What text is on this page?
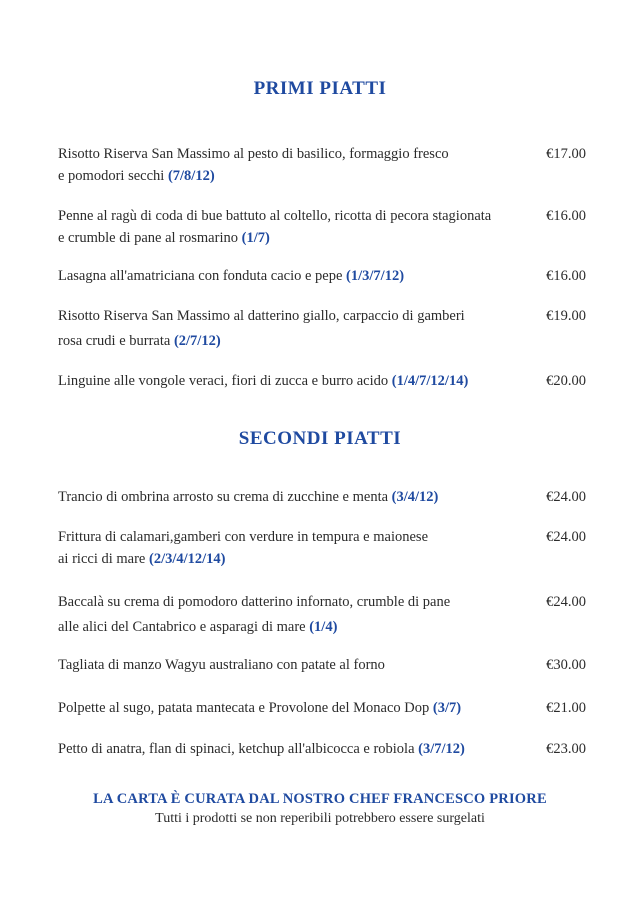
PRIMI PIATTI
Risotto Riserva San Massimo al pesto di basilico, formaggio fresco
e pomodori secchi (7/8/12)
€17.00
Penne al ragù di coda di bue battuto al coltello, ricotta di pecora stagionata
e crumble di pane al rosmarino (1/7)
€16.00
Lasagna all'amatriciana con fonduta cacio e pepe (1/3/7/12)	€16.00
Risotto Riserva San Massimo al datterino giallo, carpaccio di gamberi
rosa crudi e burrata (2/7/12)
€19.00
Linguine alle vongole veraci, fiori di zucca e burro acido (1/4/7/12/14)	€20.00
SECONDI PIATTI
Trancio di ombrina arrosto su crema di zucchine e menta (3/4/12)	€24.00
Frittura di calamari,gamberi con verdure in tempura e maionese
ai ricci di mare (2/3/4/12/14)
€24.00
Baccalà su crema di pomodoro datterino infornato, crumble di pane
alle alici del Cantabrico e asparagi di mare (1/4)
€24.00
Tagliata di manzo Wagyu australiano con patate al forno	€30.00
Polpette al sugo, patata mantecata e Provolone del Monaco Dop (3/7)	€21.00
Petto di anatra, flan di spinaci, ketchup all'albicocca e robiola (3/7/12)	€23.00
LA CARTA È CURATA DAL NOSTRO CHEF FRANCESCO PRIORE
Tutti i prodotti se non reperibili potrebbero essere surgelati
